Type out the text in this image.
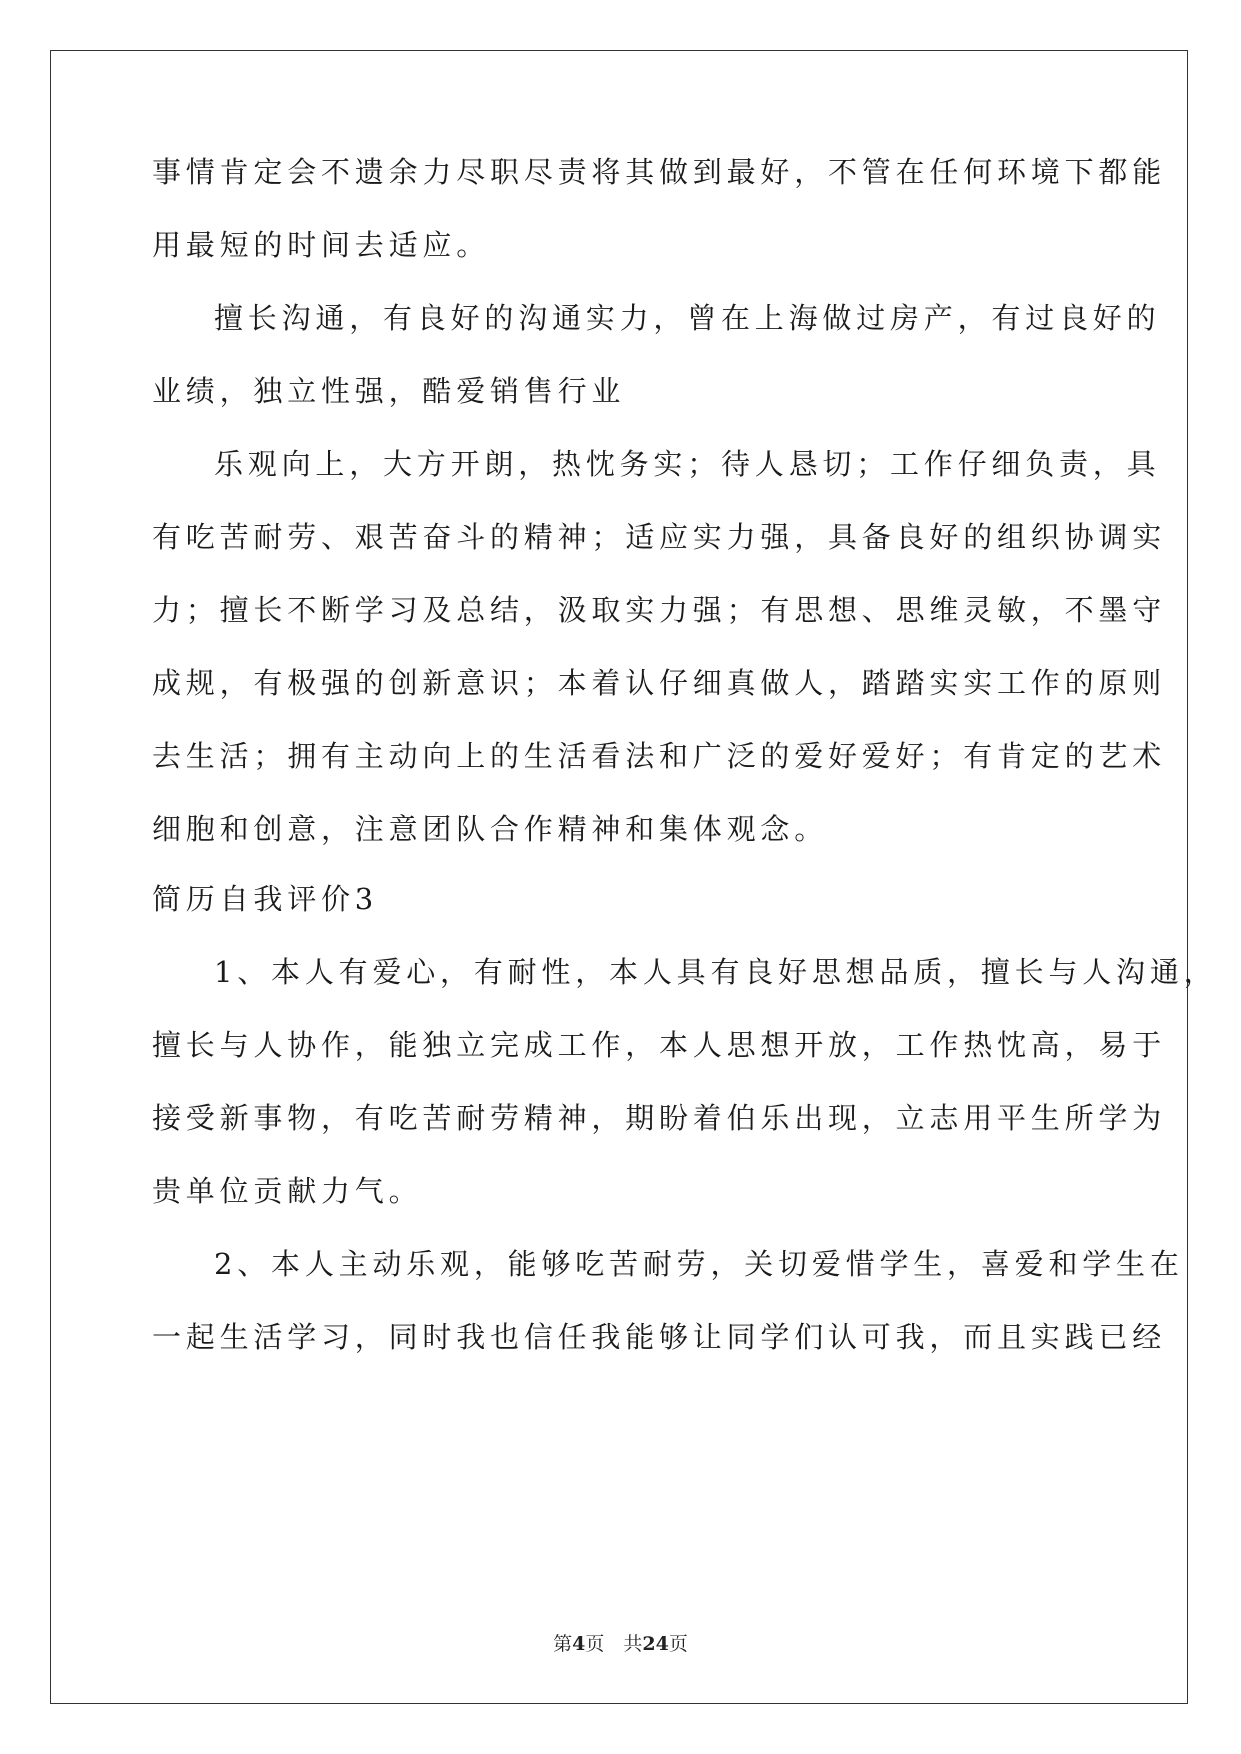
事情肯定会不遗余力尽职尽责将其做到最好，不管在任何环境下都能
用最短的时间去适应。
擅长沟通，有良好的沟通实力，曾在上海做过房产，有过良好的
业绩，独立性强，酷爱销售行业
乐观向上，大方开朗，热忱务实；待人恳切；工作仔细负责，具
有吃苦耐劳、艰苦奋斗的精神；适应实力强，具备良好的组织协调实
力；擅长不断学习及总结，汲取实力强；有思想、思维灵敏，不墨守
成规，有极强的创新意识；本着认仔细真做人，踏踏实实工作的原则
去生活；拥有主动向上的生活看法和广泛的爱好爱好；有肯定的艺术
细胞和创意，注意团队合作精神和集体观念。
简历自我评价3
1、本人有爱心，有耐性，本人具有良好思想品质，擅长与人沟通，
擅长与人协作，能独立完成工作，本人思想开放，工作热忱高，易于
接受新事物，有吃苦耐劳精神，期盼着伯乐出现，立志用平生所学为
贵单位贡献力气。
2、本人主动乐观，能够吃苦耐劳，关切爱惜学生，喜爱和学生在
一起生活学习，同时我也信任我能够让同学们认可我，而且实践已经
第4页　共24页
